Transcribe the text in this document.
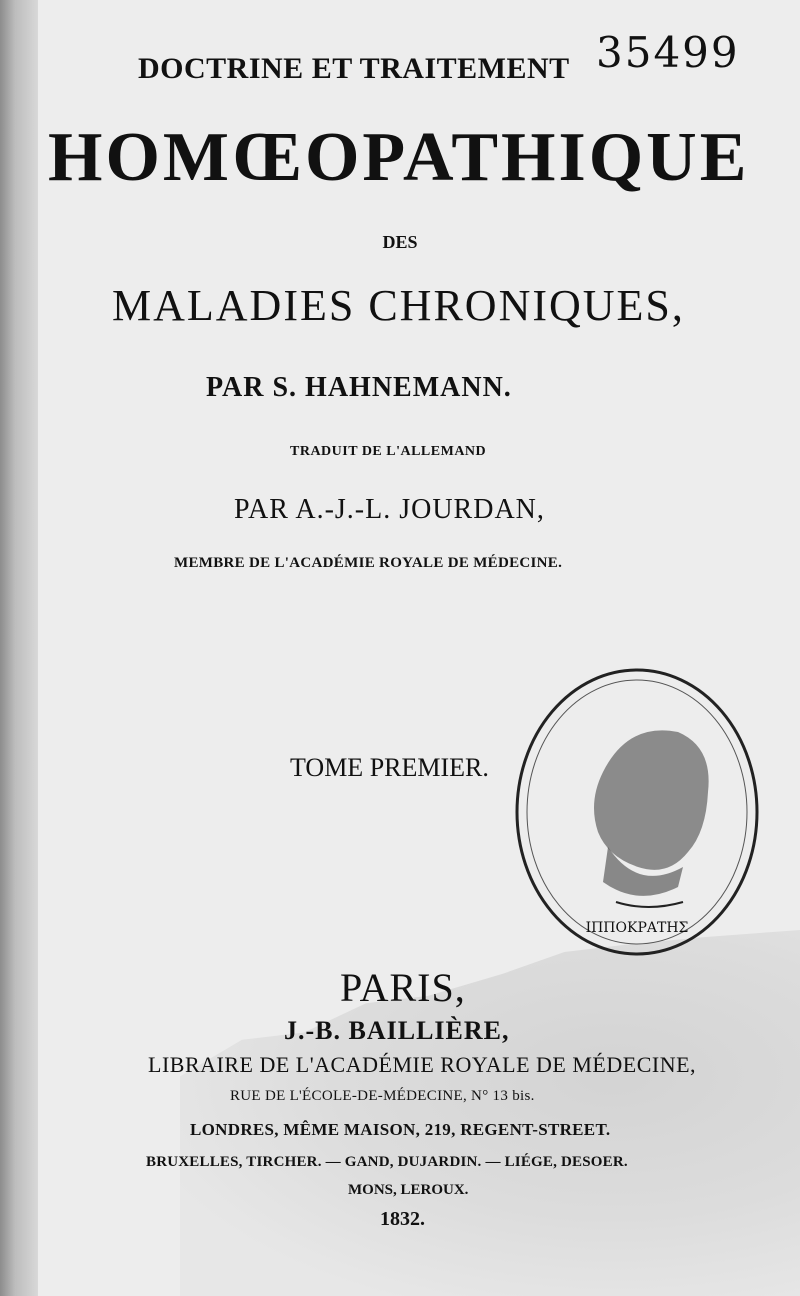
DOCTRINE ET TRAITEMENT 35499
HOMŒOPATHIQUE
DES
MALADIES CHRONIQUES,
PAR S. HAHNEMANN.
TRADUIT DE L'ALLEMAND
PAR A.-J.-L. JOURDAN,
MEMBRE DE L'ACADÉMIE ROYALE DE MÉDECINE.
TOME PREMIER.
ΙΠΠΟΚΡΑΤΗΣ
PARIS,
J.-B. BAILLIÈRE,
LIBRAIRE DE L'ACADÉMIE ROYALE DE MÉDECINE,
RUE DE L'ÉCOLE-DE-MÉDECINE, N° 13 bis.
LONDRES, MÊME MAISON, 219, REGENT-STREET.
BRUXELLES, TIRCHER. — GAND, DUJARDIN. — LIÉGE, DESOER.
MONS, LEROUX.
1832.
